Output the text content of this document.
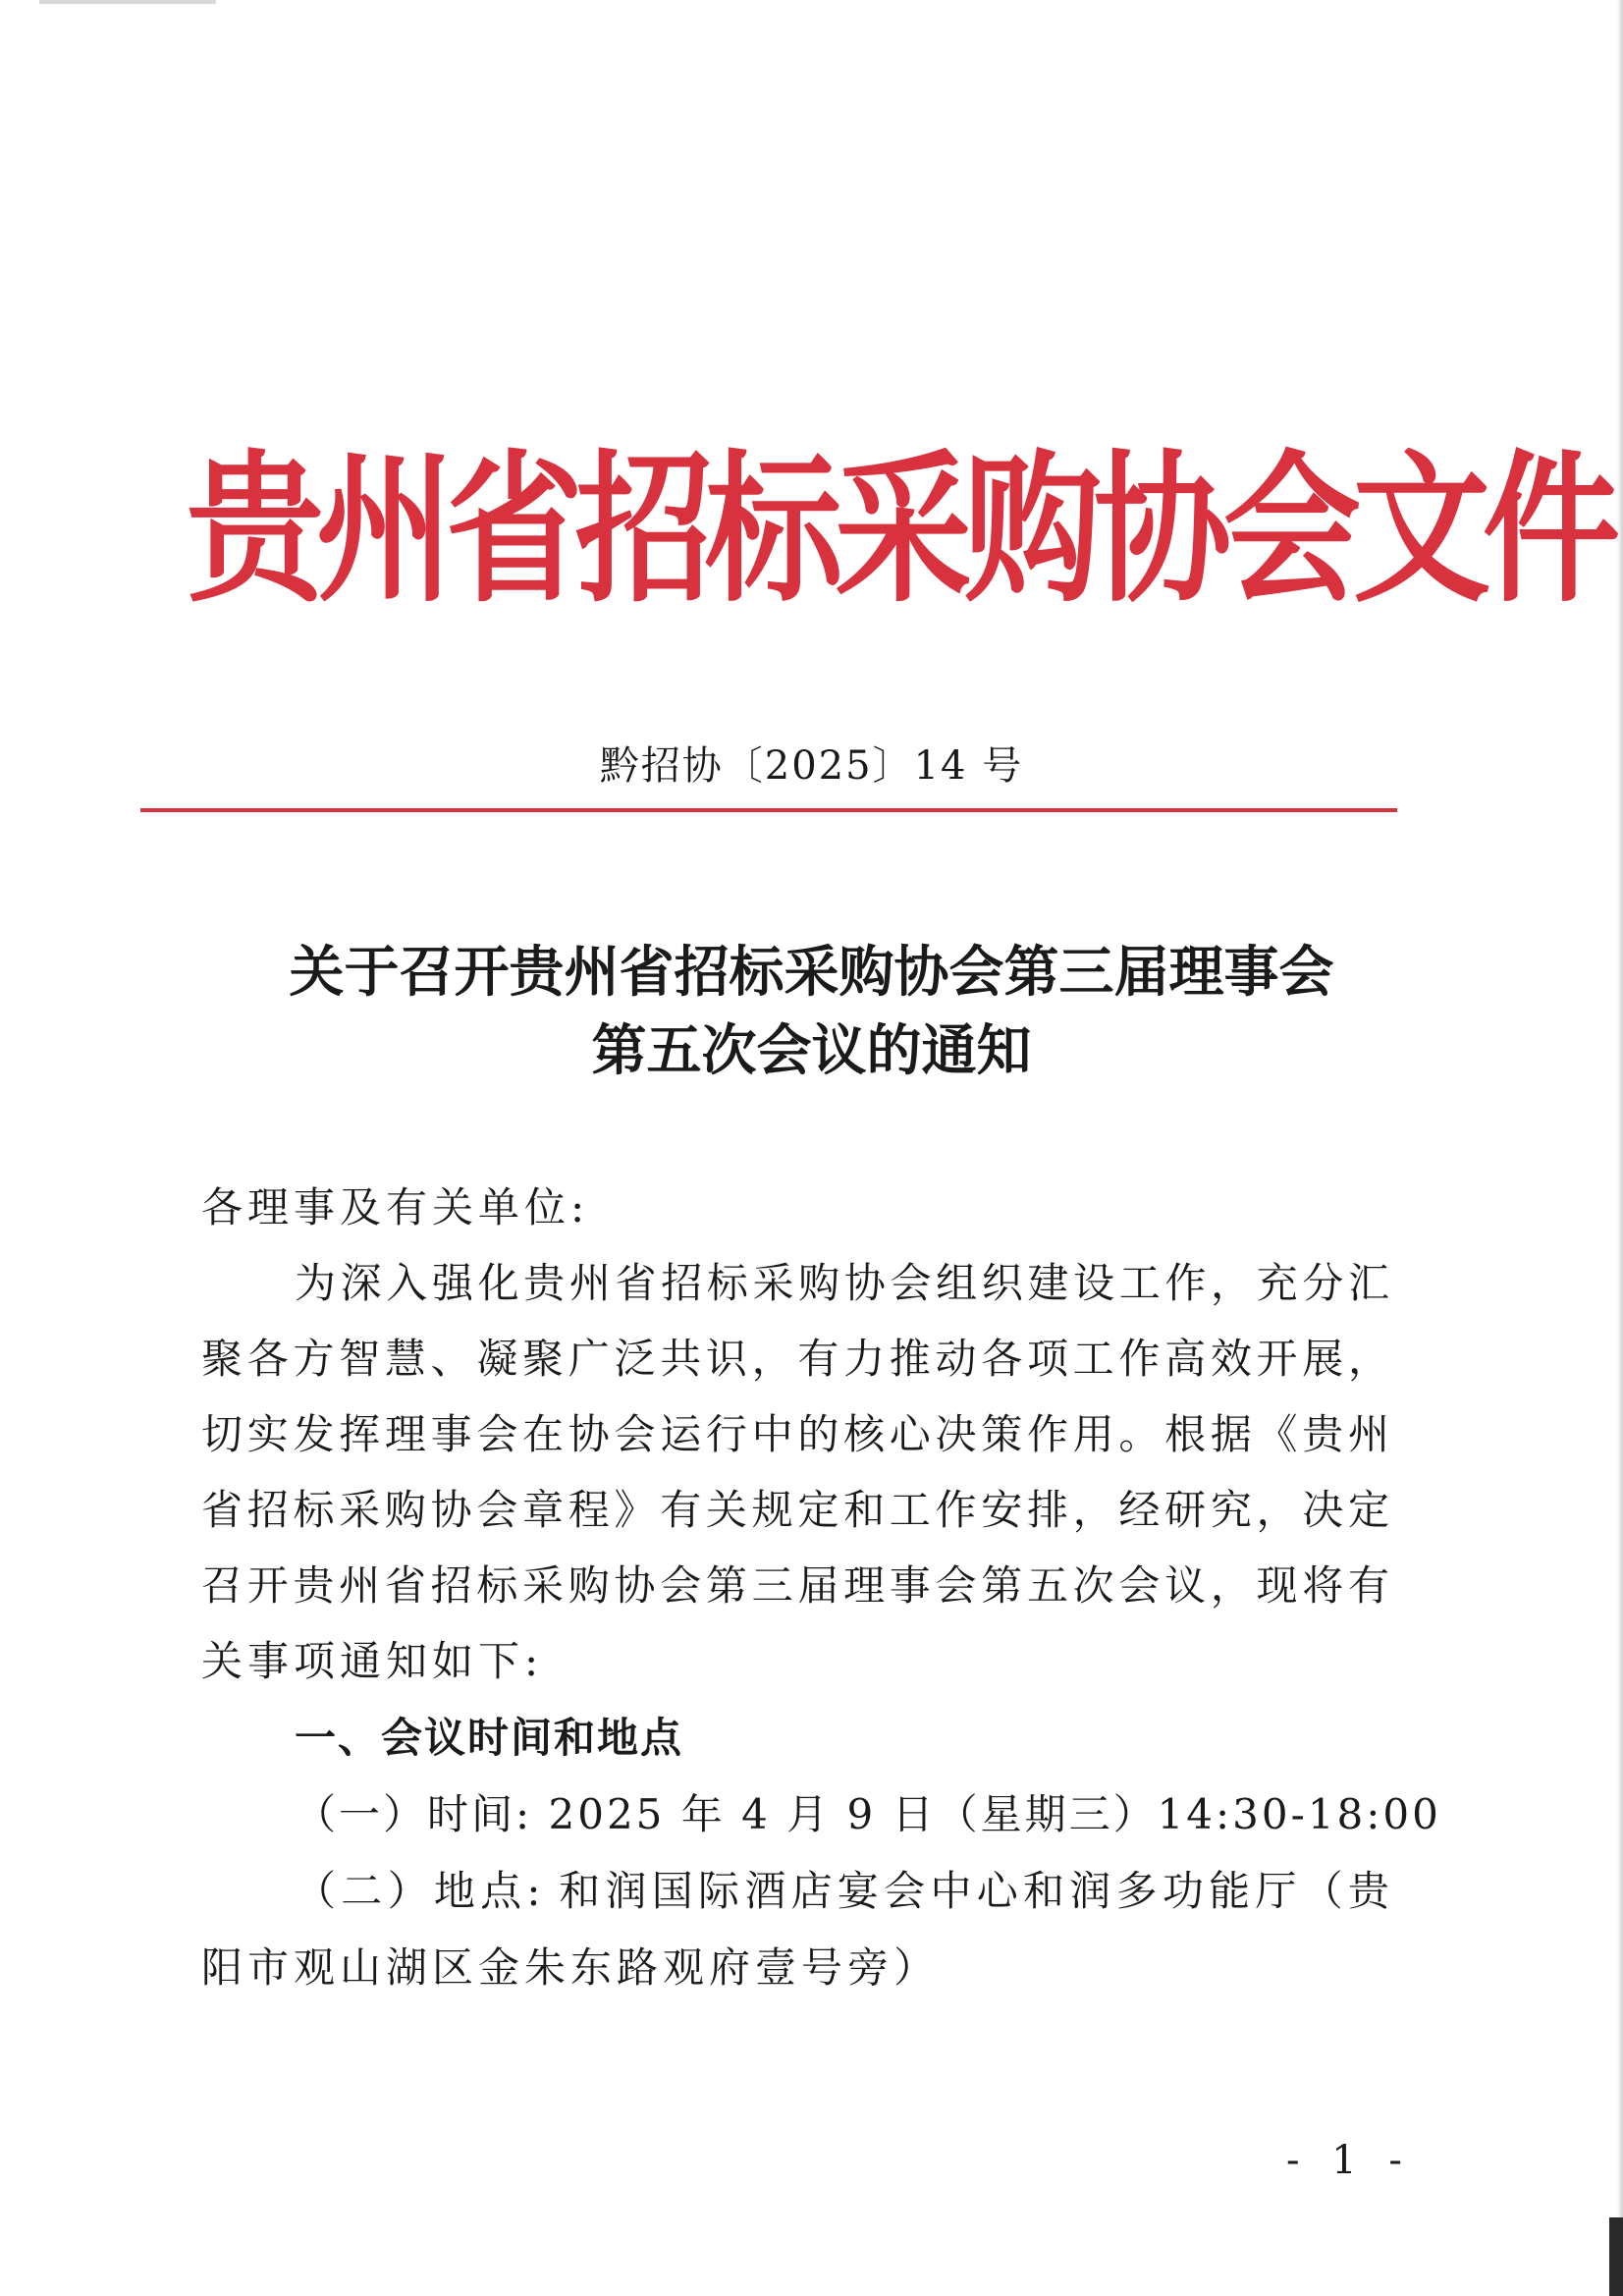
贵州省招标采购协会文件
黔招协〔2025〕14 号
关于召开贵州省招标采购协会第三届理事会
第五次会议的通知
各理事及有关单位:
为深入强化贵州省招标采购协会组织建设工作，充分汇
聚各方智慧、凝聚广泛共识，有力推动各项工作高效开展，
切实发挥理事会在协会运行中的核心决策作用。根据《贵州
省招标采购协会章程》有关规定和工作安排，经研究，决定
召开贵州省招标采购协会第三届理事会第五次会议，现将有
关事项通知如下:
一、会议时间和地点
（一）时间: 2025 年 4 月 9 日（星期三）14:30-18:00
（二）地点: 和润国际酒店宴会中心和润多功能厅（贵
阳市观山湖区金朱东路观府壹号旁）
- 1 -
